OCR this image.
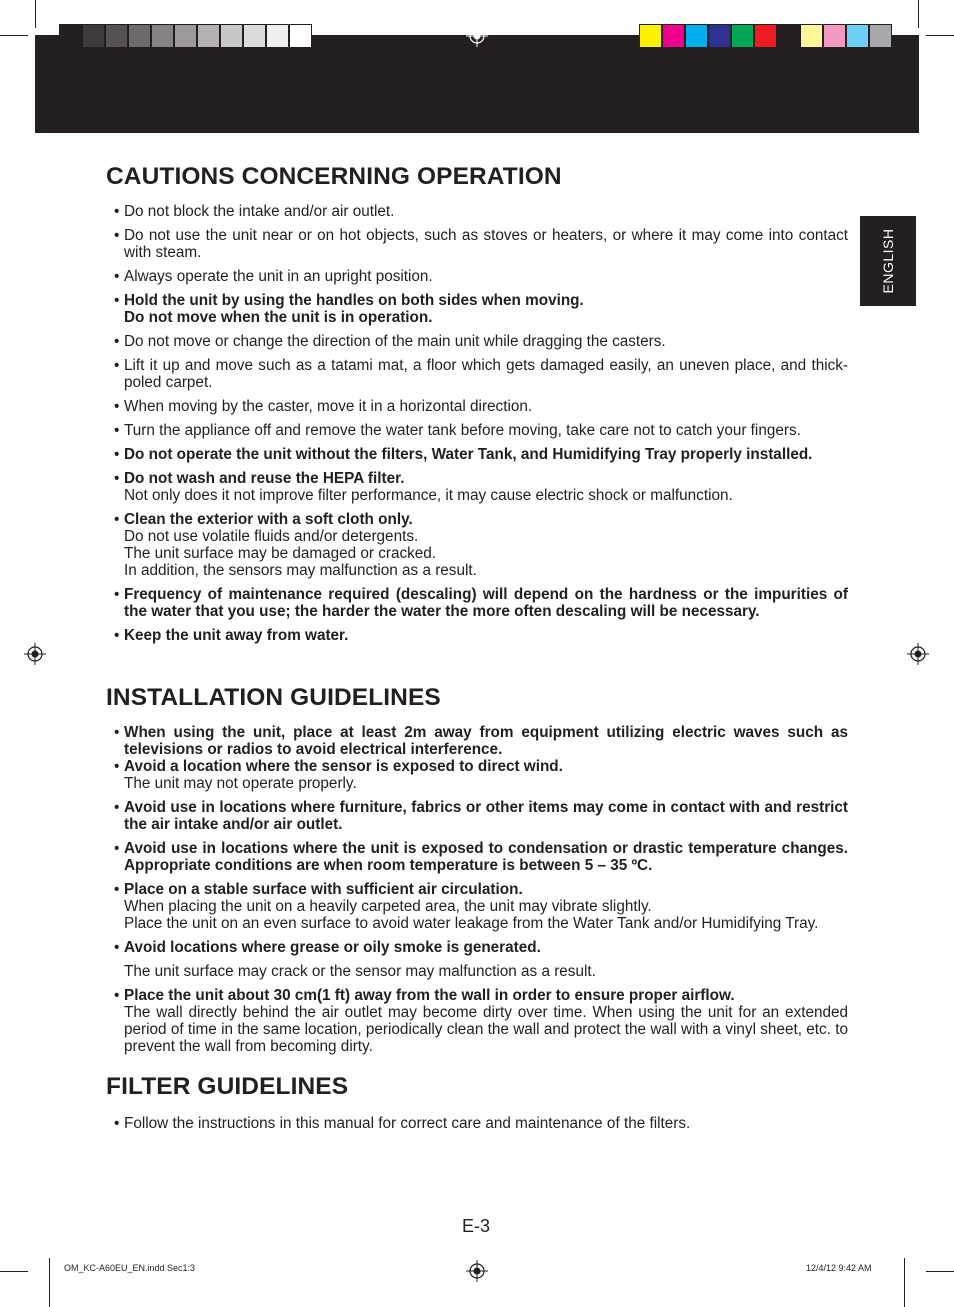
ENGLISH
CAUTIONS CONCERNING OPERATION
• Do not block the intake and/or air outlet.
• Do not use the unit near or on hot objects, such as stoves or heaters, or where it may come into contact with steam.
• Always operate the unit in an upright position.
• Hold the unit by using the handles on both sides when moving.
Do not move when the unit is in operation.
• Do not move or change the direction of the main unit while dragging the casters.
• Lift it up and move such as a tatami mat, a floor which gets damaged easily, an uneven place, and thick-poled carpet.
• When moving by the caster, move it in a horizontal direction.
• Turn the appliance off and remove the water tank before moving, take care not to catch your fingers.
• Do not operate the unit without the filters, Water Tank, and Humidifying Tray properly installed.
• Do not wash and reuse the HEPA filter.
Not only does it not improve filter performance, it may cause electric shock or malfunction.
• Clean the exterior with a soft cloth only.
Do not use volatile fluids and/or detergents.
The unit surface may be damaged or cracked.
In addition, the sensors may malfunction as a result.
• Frequency of maintenance required (descaling) will depend on the hardness or the impurities of the water that you use; the harder the water the more often descaling will be necessary.
• Keep the unit away from water.
INSTALLATION GUIDELINES
• When using the unit, place at least 2m away from equipment utilizing electric waves such as televisions or radios to avoid electrical interference.
• Avoid a location where the sensor is exposed to direct wind.
The unit may not operate properly.
• Avoid use in locations where furniture, fabrics or other items may come in contact with and restrict the air intake and/or air outlet.
• Avoid use in locations where the unit is exposed to condensation or drastic temperature changes. Appropriate conditions are when room temperature is between 5 – 35 ºC.
• Place on a stable surface with sufficient air circulation.
When placing the unit on a heavily carpeted area, the unit may vibrate slightly.
Place the unit on an even surface to avoid water leakage from the Water Tank and/or Humidifying Tray.
• Avoid locations where grease or oily smoke is generated.
The unit surface may crack or the sensor may malfunction as a result.
• Place the unit about 30 cm(1 ft) away from the wall in order to ensure proper airflow.
The wall directly behind the air outlet may become dirty over time. When using the unit for an extended period of time in the same location, periodically clean the wall and protect the wall with a vinyl sheet, etc. to prevent the wall from becoming dirty.
FILTER GUIDELINES
• Follow the instructions in this manual for correct care and maintenance of the filters.
E-3
OM_KC-A60EU_EN.indd Sec1:3	12/4/12 9:42 AM
